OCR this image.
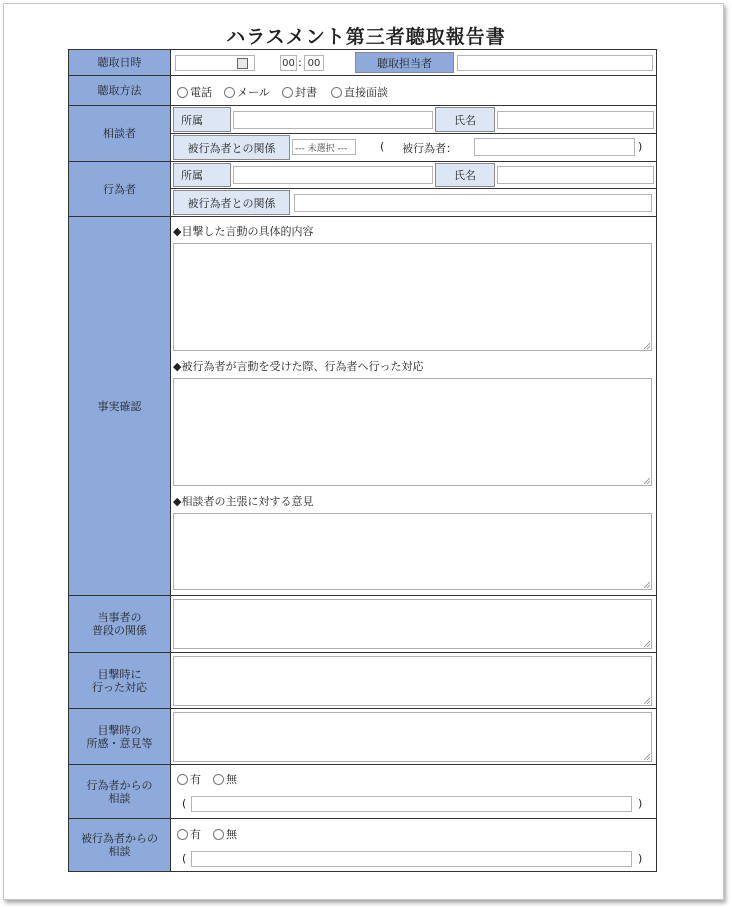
ハラスメント第三者聴取報告書
聴取日時	00 : 00	聴取担当者
聴取方法	電話 メール 封書 直接面談
相談者
所属	氏名
被行為者との関係	--- 未選択 ---	( 被行為者：	)
行為者
所属	氏名
被行為者との関係
事実確認
◆目撃した言動の具体的内容
◆被行為者が言動を受けた際、行為者へ行った対応
◆相談者の主張に対する意見
当事者の
普段の関係
目撃時に
行った対応
目撃時の
所感・意見等
行為者からの
相談
有 無
(	)
被行為者からの
相談
有 無
(	)
